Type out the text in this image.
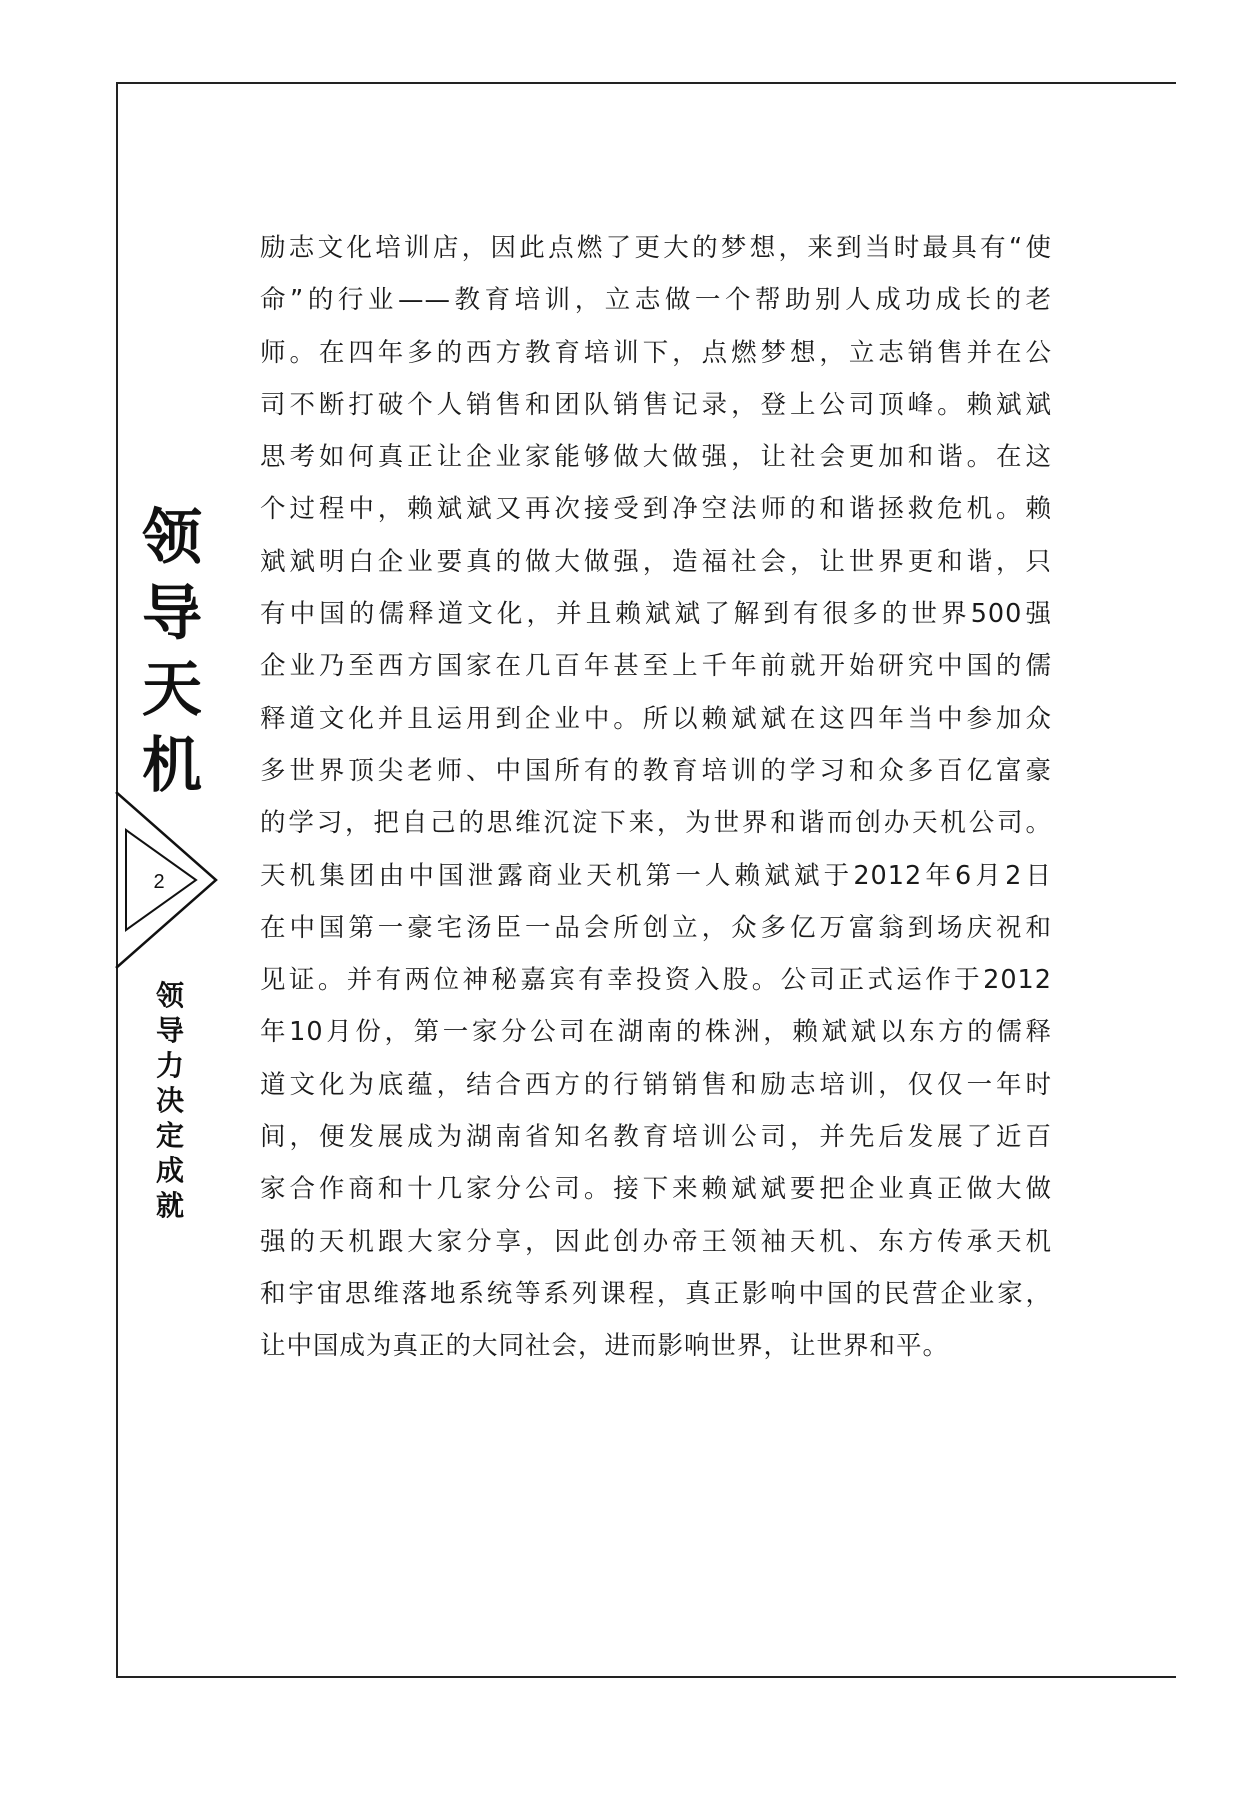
领
导
天
机
2
领
导
力
决
定
成
就
励志文化培训店，因此点燃了更大的梦想，来到当时最具有“使
命”的行业——教育培训，立志做一个帮助别人成功成长的老
师。在四年多的西方教育培训下，点燃梦想，立志销售并在公
司不断打破个人销售和团队销售记录，登上公司顶峰。赖斌斌
思考如何真正让企业家能够做大做强，让社会更加和谐。在这
个过程中，赖斌斌又再次接受到净空法师的和谐拯救危机。赖
斌斌明白企业要真的做大做强，造福社会，让世界更和谐，只
有中国的儒释道文化，并且赖斌斌了解到有很多的世界500强
企业乃至西方国家在几百年甚至上千年前就开始研究中国的儒
释道文化并且运用到企业中。所以赖斌斌在这四年当中参加众
多世界顶尖老师、中国所有的教育培训的学习和众多百亿富豪
的学习，把自己的思维沉淀下来，为世界和谐而创办天机公司。
天机集团由中国泄露商业天机第一人赖斌斌于2012年6月2日
在中国第一豪宅汤臣一品会所创立，众多亿万富翁到场庆祝和
见证。并有两位神秘嘉宾有幸投资入股。公司正式运作于2012
年10月份，第一家分公司在湖南的株洲，赖斌斌以东方的儒释
道文化为底蕴，结合西方的行销销售和励志培训，仅仅一年时
间，便发展成为湖南省知名教育培训公司，并先后发展了近百
家合作商和十几家分公司。接下来赖斌斌要把企业真正做大做
强的天机跟大家分享，因此创办帝王领袖天机、东方传承天机
和宇宙思维落地系统等系列课程，真正影响中国的民营企业家，
让中国成为真正的大同社会，进而影响世界，让世界和平。
